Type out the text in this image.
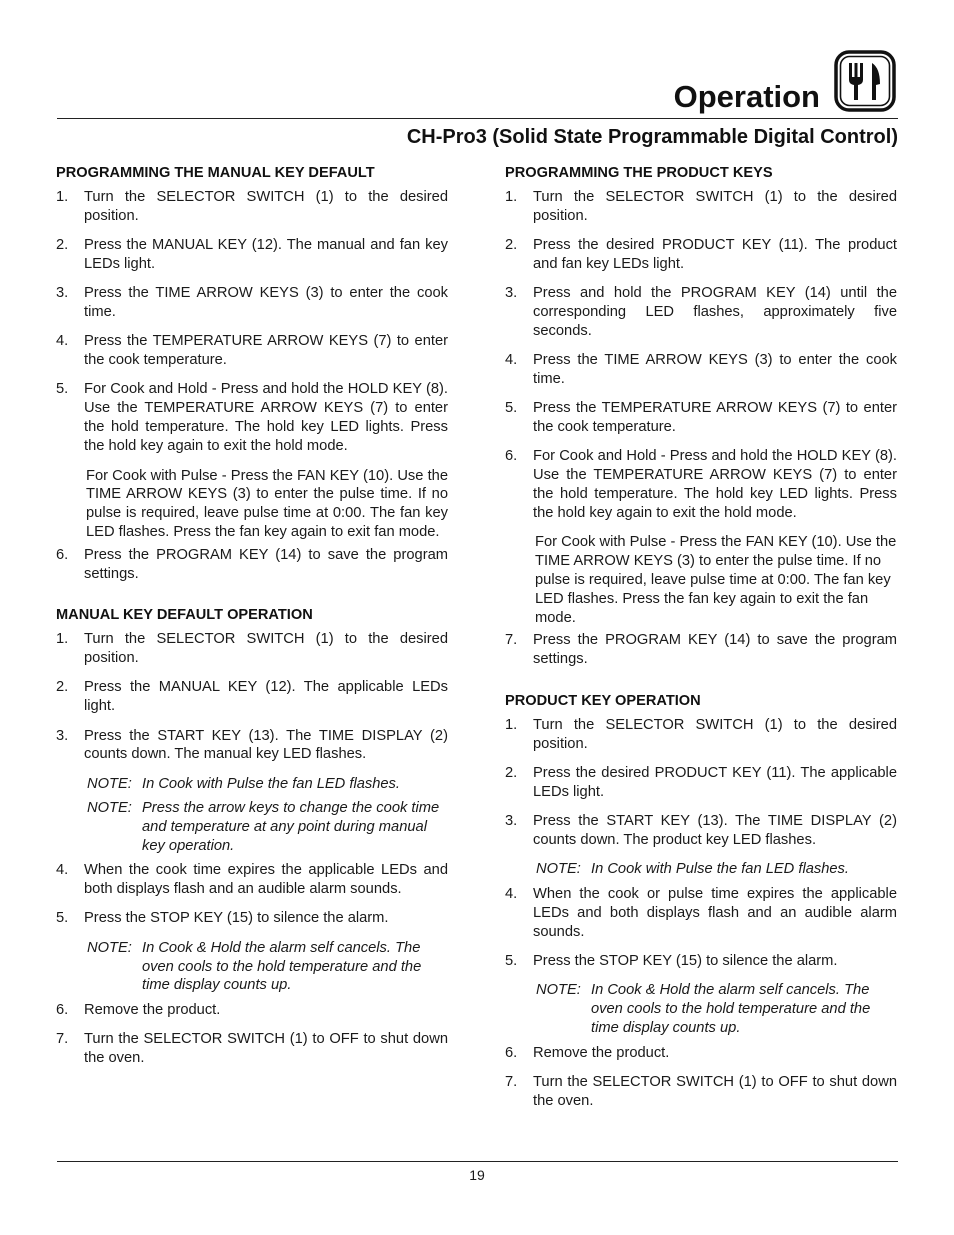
Operation
CH-Pro3 (Solid State Programmable Digital Control)
PROGRAMMING THE MANUAL KEY DEFAULT
1. Turn the SELECTOR SWITCH (1) to the desired position.
2. Press the MANUAL KEY (12). The manual and fan key LEDs light.
3. Press the TIME ARROW KEYS (3) to enter the cook time.
4. Press the TEMPERATURE ARROW KEYS (7) to enter the cook temperature.
5. For Cook and Hold - Press and hold the HOLD KEY (8). Use the TEMPERATURE ARROW KEYS (7) to enter the hold temperature. The hold key LED lights. Press the hold key again to exit the hold mode.
For Cook with Pulse - Press the FAN KEY (10). Use the TIME ARROW KEYS (3) to enter the pulse time. If no pulse is required, leave pulse time at 0:00. The fan key LED flashes. Press the fan key again to exit fan mode.
6. Press the PROGRAM KEY (14) to save the program settings.
MANUAL KEY DEFAULT OPERATION
1. Turn the SELECTOR SWITCH (1) to the desired position.
2. Press the MANUAL KEY (12). The applicable LEDs light.
3. Press the START KEY (13). The TIME DISPLAY (2) counts down. The manual key LED flashes.
NOTE: In Cook with Pulse the fan LED flashes.
NOTE: Press the arrow keys to change the cook time and temperature at any point during manual key operation.
4. When the cook time expires the applicable LEDs and both displays flash and an audible alarm sounds.
5. Press the STOP KEY (15) to silence the alarm.
NOTE: In Cook & Hold the alarm self cancels. The oven cools to the hold temperature and the time display counts up.
6. Remove the product.
7. Turn the SELECTOR SWITCH (1) to OFF to shut down the oven.
PROGRAMMING THE PRODUCT KEYS
1. Turn the SELECTOR SWITCH (1) to the desired position.
2. Press the desired PRODUCT KEY (11). The product and fan key LEDs light.
3. Press and hold the PROGRAM KEY (14) until the corresponding LED flashes, approximately five seconds.
4. Press the TIME ARROW KEYS (3) to enter the cook time.
5. Press the TEMPERATURE ARROW KEYS (7) to enter the cook temperature.
6. For Cook and Hold - Press and hold the HOLD KEY (8). Use the TEMPERATURE ARROW KEYS (7) to enter the hold temperature. The hold key LED lights. Press the hold key again to exit the hold mode.
For Cook with Pulse - Press the FAN KEY (10). Use the TIME ARROW KEYS (3) to enter the pulse time. If no pulse is required, leave pulse time at 0:00. The fan key LED flashes. Press the fan key again to exit the fan mode.
7. Press the PROGRAM KEY (14) to save the program settings.
PRODUCT KEY OPERATION
1. Turn the SELECTOR SWITCH (1) to the desired position.
2. Press the desired PRODUCT KEY (11). The applicable LEDs light.
3. Press the START KEY (13). The TIME DISPLAY (2) counts down. The product key LED flashes.
NOTE: In Cook with Pulse the fan LED flashes.
4. When the cook or pulse time expires the applicable LEDs and both displays flash and an audible alarm sounds.
5. Press the STOP KEY (15) to silence the alarm.
NOTE: In Cook & Hold the alarm self cancels. The oven cools to the hold temperature and the time display counts up.
6. Remove the product.
7. Turn the SELECTOR SWITCH (1) to OFF to shut down the oven.
19
